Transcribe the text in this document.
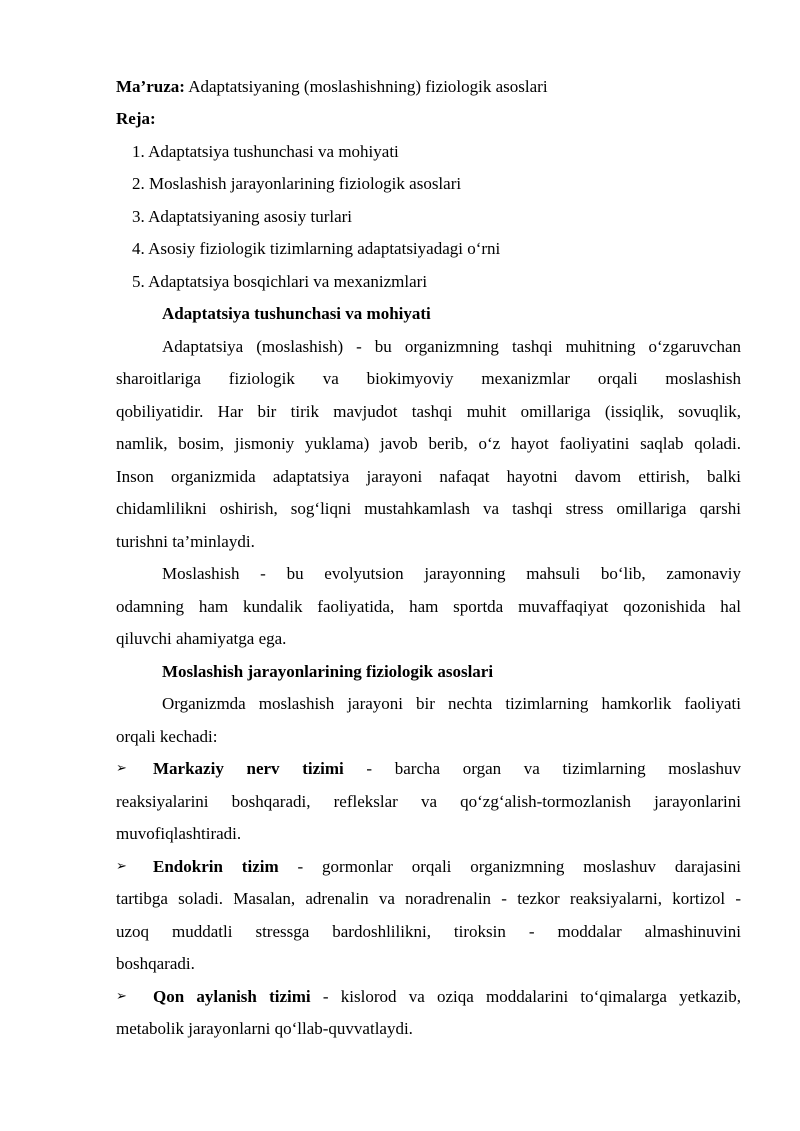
Ma’ruza: Adaptatsiyaning (moslashishning) fiziologik asoslari
Reja:
1. Adaptatsiya tushunchasi va mohiyati
2. Moslashish jarayonlarining fiziologik asoslari
3. Adaptatsiyaning asosiy turlari
4. Asosiy fiziologik tizimlarning adaptatsiyadagi o‘rni
5. Adaptatsiya bosqichlari va mexanizmlari
Adaptatsiya tushunchasi va mohiyati
Adaptatsiya (moslashish) - bu organizmning tashqi muhitning o‘zgaruvchan
sharoitlariga fiziologik va biokimyoviy mexanizmlar orqali moslashish
qobiliyatidir. Har bir tirik mavjudot tashqi muhit omillariga (issiqlik, sovuqlik,
namlik, bosim, jismoniy yuklama) javob berib, o‘z hayot faoliyatini saqlab qoladi.
Inson organizmida adaptatsiya jarayoni nafaqat hayotni davom ettirish, balki
chidamlilikni oshirish, sog‘liqni mustahkamlash va tashqi stress omillariga qarshi
turishni ta’minlaydi.
Moslashish - bu evolyutsion jarayonning mahsuli bo‘lib, zamonaviy
odamning ham kundalik faoliyatida, ham sportda muvaffaqiyat qozonishida hal
qiluvchi ahamiyatga ega.
Moslashish jarayonlarining fiziologik asoslari
Organizmda moslashish jarayoni bir nechta tizimlarning hamkorlik faoliyati
orqali kechadi:
➢ Markaziy nerv tizimi - barcha organ va tizimlarning moslashuv
reaksiyalarini boshqaradi, reflekslar va qo‘zg‘alish-tormozlanish jarayonlarini
muvofiqlashtiradi.
➢ Endokrin tizim - gormonlar orqali organizmning moslashuv darajasini
tartibga soladi. Masalan, adrenalin va noradrenalin - tezkor reaksiyalarni, kortizol -
uzoq muddatli stressga bardoshlilikni, tiroksin - moddalar almashinuvini
boshqaradi.
➢ Qon aylanish tizimi - kislorod va oziqa moddalarini to‘qimalarga yetkazib,
metabolik jarayonlarni qo‘llab-quvvatlaydi.
